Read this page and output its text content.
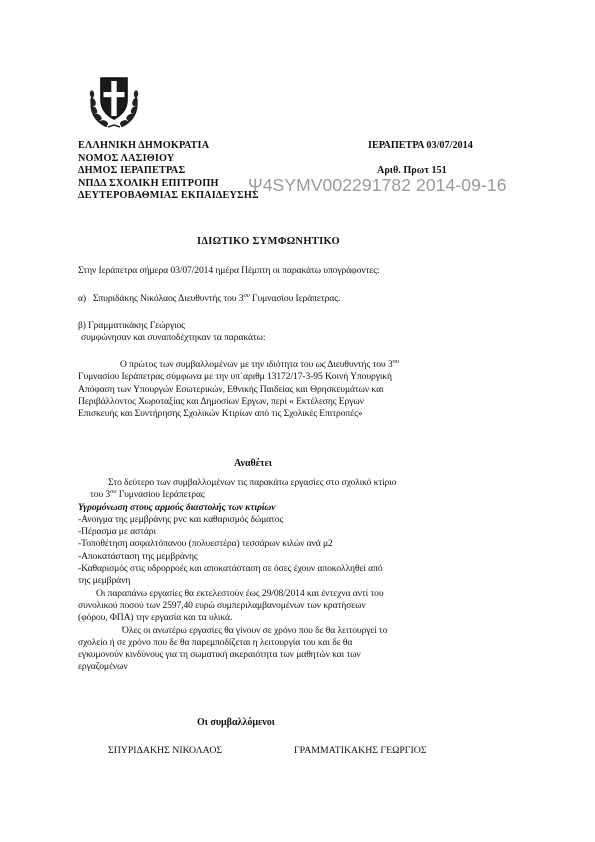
ΕΛΛΗΝΙΚΗ ΔΗΜΟΚΡΑΤΙΑ
ΝΟΜΟΣ ΛΑΣΙΘΙΟΥ
ΔΗΜΟΣ ΙΕΡΑΠΕΤΡΑΣ
ΝΠΔΔ ΣΧΟΛΙΚΗ ΕΠΙΤΡΟΠΗ
ΔΕΥΤΕΡΟΒΑΘΜΙΑΣ ΕΚΠΑΙΔΕΥΣΗΣ
ΙΕΡΑΠΕΤΡΑ 03/07/2014
Αριθ. Πρωτ 151
Ψ4SYMV002291782 2014-09-16
ΙΔΙΩΤΙΚΟ ΣΥΜΦΩΝΗΤΙΚΟ
Στην Ιεράπετρα σήμερα 03/07/2014 ημέρα Πέμπτη οι παρακάτω υπογράφοντες:
α) Σπυριδάκης Νικόλαος Διευθυντής του $3^{o\upsilon}$ Γυμνασίου Ιεράπετρας.
β) Γραμματικάκης Γεώργιος
συμφώνησαν και συναποδέχτηκαν τα παρακάτω:
Ο πρώτος των συμβαλλομένων με την ιδιότητα του ως Διευθυντής του $3^{o\upsilon}$
Γυμνασίου Ιεράπετρας σύμφωνα με την υπ΄αριθμ 13172/17-3-95 Κοινή Υπουργική
Απόφαση των Υπουργών Εσωτερικών, Εθνικής Παιδείας και Θρησκευμάτων και
Περιβάλλοντος Χωροταξίας και Δημοσίων Εργων, περί « Εκτέλεσης Εργων
Επισκευής και Συντήρησης Σχολικών Κτιρίων από τις Σχολικές Επιτροπές»
Αναθέτει
Στο δεύτερο των συμβαλλομένων τις παρακάτω εργασίες στο σχολικό κτίριο
του $3^{o\upsilon}$ Γυμνασίου Ιεράπετρας
Υγρομόνωση στους αρμούς διαστολής των κτιρίων
-Ανοιγμα της μεμβράνης pvc και καθαρισμός δώματος
-Πέρασμα με αστάρι
-Τοποθέτηση ασφαλτόπανου (πολυεστέρα) τεσσάρων κιλών ανά μ2
-Αποκατάσταση της μεμβράνης
-Καθαρισμός στις υδρορροές και αποκατάσταση σε όσες έχουν αποκολληθεί από
της μεμβράνη
Οι παραπάνω εργασίες θα εκτελεστούν έως 29/08/2014 και έντεχνα αντί του
συνολικού ποσού των 2597,40 ευρώ συμπεριλαμβανομένων των κρατήσεων
(φόρου, ΦΠΑ) την εργασία και τα υλικά.
Όλες οι ανωτέρω εργασίες θα γίνουν σε χρόνο που δε θα λειτουργεί το
σχολείο ή σε χρόνο που δε θα παρεμποδίζεται η λειτουργία του και δε θα
εγκυμονούν κινδύνους για τη σωματική ακεραιότητα των μαθητών και των
εργαζομένων
Οι συμβαλλόμενοι
ΣΠΥΡΙΔΑΚΗΣ ΝΙΚΟΛΑΟΣ	ΓΡΑΜΜΑΤΙΚΑΚΗΣ ΓΕΩΡΓΙΟΣ
